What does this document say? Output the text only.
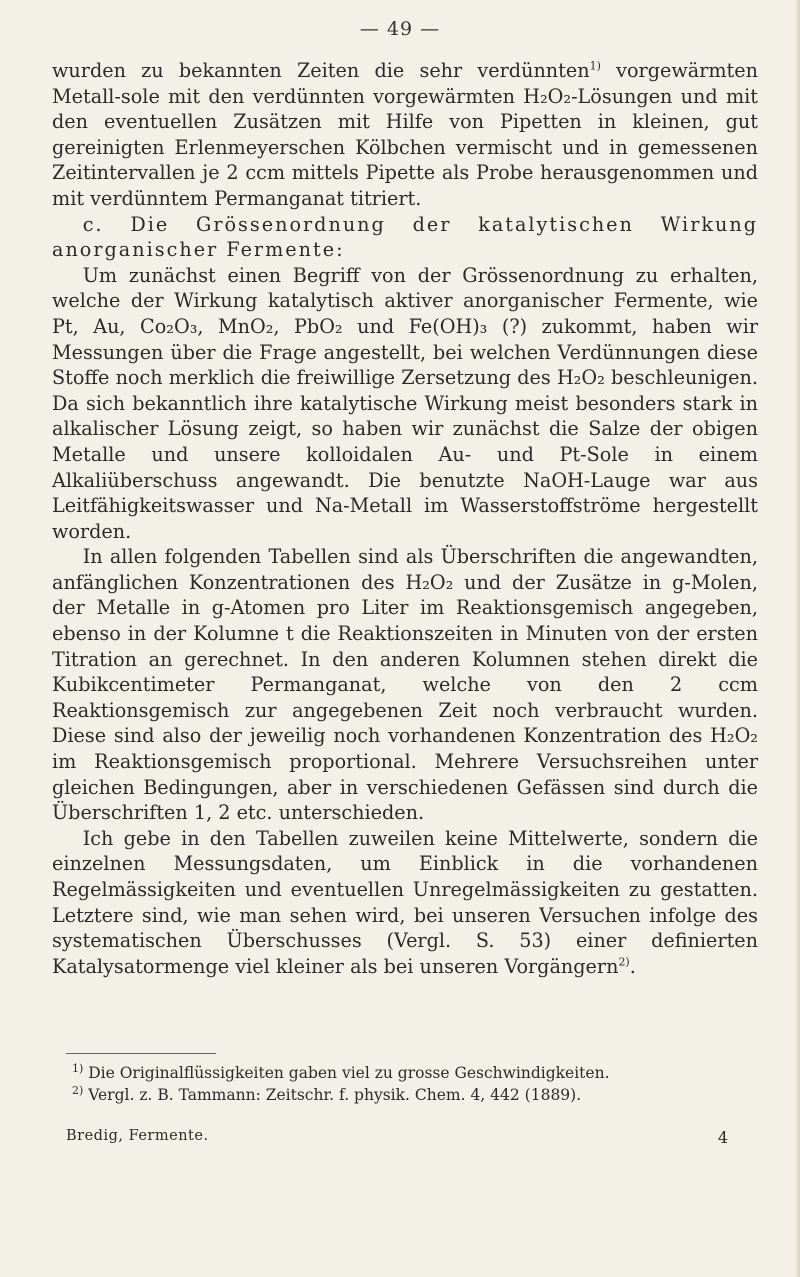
— 49 —

wurden zu bekannten Zeiten die sehr verdünnten$^{1)}$ vorgewärmten Metall-sole mit den verdünnten vorgewärmten H₂O₂-Lösungen und mit den eventuellen Zusätzen mit Hilfe von Pipetten in kleinen, gut gereinigten Erlenmeyerschen Kölbchen vermischt und in gemessenen Zeitintervallen je 2 ccm mittels Pipette als Probe herausgenommen und mit verdünntem Permanganat titriert.

c. Die Grössenordnung der katalytischen Wirkung anorganischer Fermente:

Um zunächst einen Begriff von der Grössenordnung zu erhalten, welche der Wirkung katalytisch aktiver anorganischer Fermente, wie Pt, Au, Co₂O₃, MnO₂, PbO₂ und Fe(OH)₃ (?) zukommt, haben wir Messungen über die Frage angestellt, bei welchen Verdünnungen diese Stoffe noch merklich die freiwillige Zersetzung des H₂O₂ beschleunigen. Da sich bekanntlich ihre katalytische Wirkung meist besonders stark in alkalischer Lösung zeigt, so haben wir zunächst die Salze der obigen Metalle und unsere kolloidalen Au- und Pt-Sole in einem Alkaliüberschuss angewandt. Die benutzte NaOH-Lauge war aus Leitfähigkeitswasser und Na-Metall im Wasserstoffströme hergestellt worden.

In allen folgenden Tabellen sind als Überschriften die angewandten, anfänglichen Konzentrationen des H₂O₂ und der Zusätze in g-Molen, der Metalle in g-Atomen pro Liter im Reaktionsgemisch angegeben, ebenso in der Kolumne t die Reaktionszeiten in Minuten von der ersten Titration an gerechnet. In den anderen Kolumnen stehen direkt die Kubikcentimeter Permanganat, welche von den 2 ccm Reaktionsgemisch zur angegebenen Zeit noch verbraucht wurden. Diese sind also der jeweilig noch vorhandenen Konzentration des H₂O₂ im Reaktionsgemisch proportional. Mehrere Versuchsreihen unter gleichen Bedingungen, aber in verschiedenen Gefässen sind durch die Überschriften 1, 2 etc. unterschieden.

Ich gebe in den Tabellen zuweilen keine Mittelwerte, sondern die einzelnen Messungsdaten, um Einblick in die vorhandenen Regelmässigkeiten und eventuellen Unregelmässigkeiten zu gestatten. Letztere sind, wie man sehen wird, bei unseren Versuchen infolge des systematischen Überschusses (Vergl. S. 53) einer definierten Katalysatormenge viel kleiner als bei unseren Vorgängern$^{2)}$.

$^{1)}$ Die Originalflüssigkeiten gaben viel zu grosse Geschwindigkeiten.

$^{2)}$ Vergl. z. B. Tammann: Zeitschr. f. physik. Chem. 4, 442 (1889).

Bredig, Fermente.	4
